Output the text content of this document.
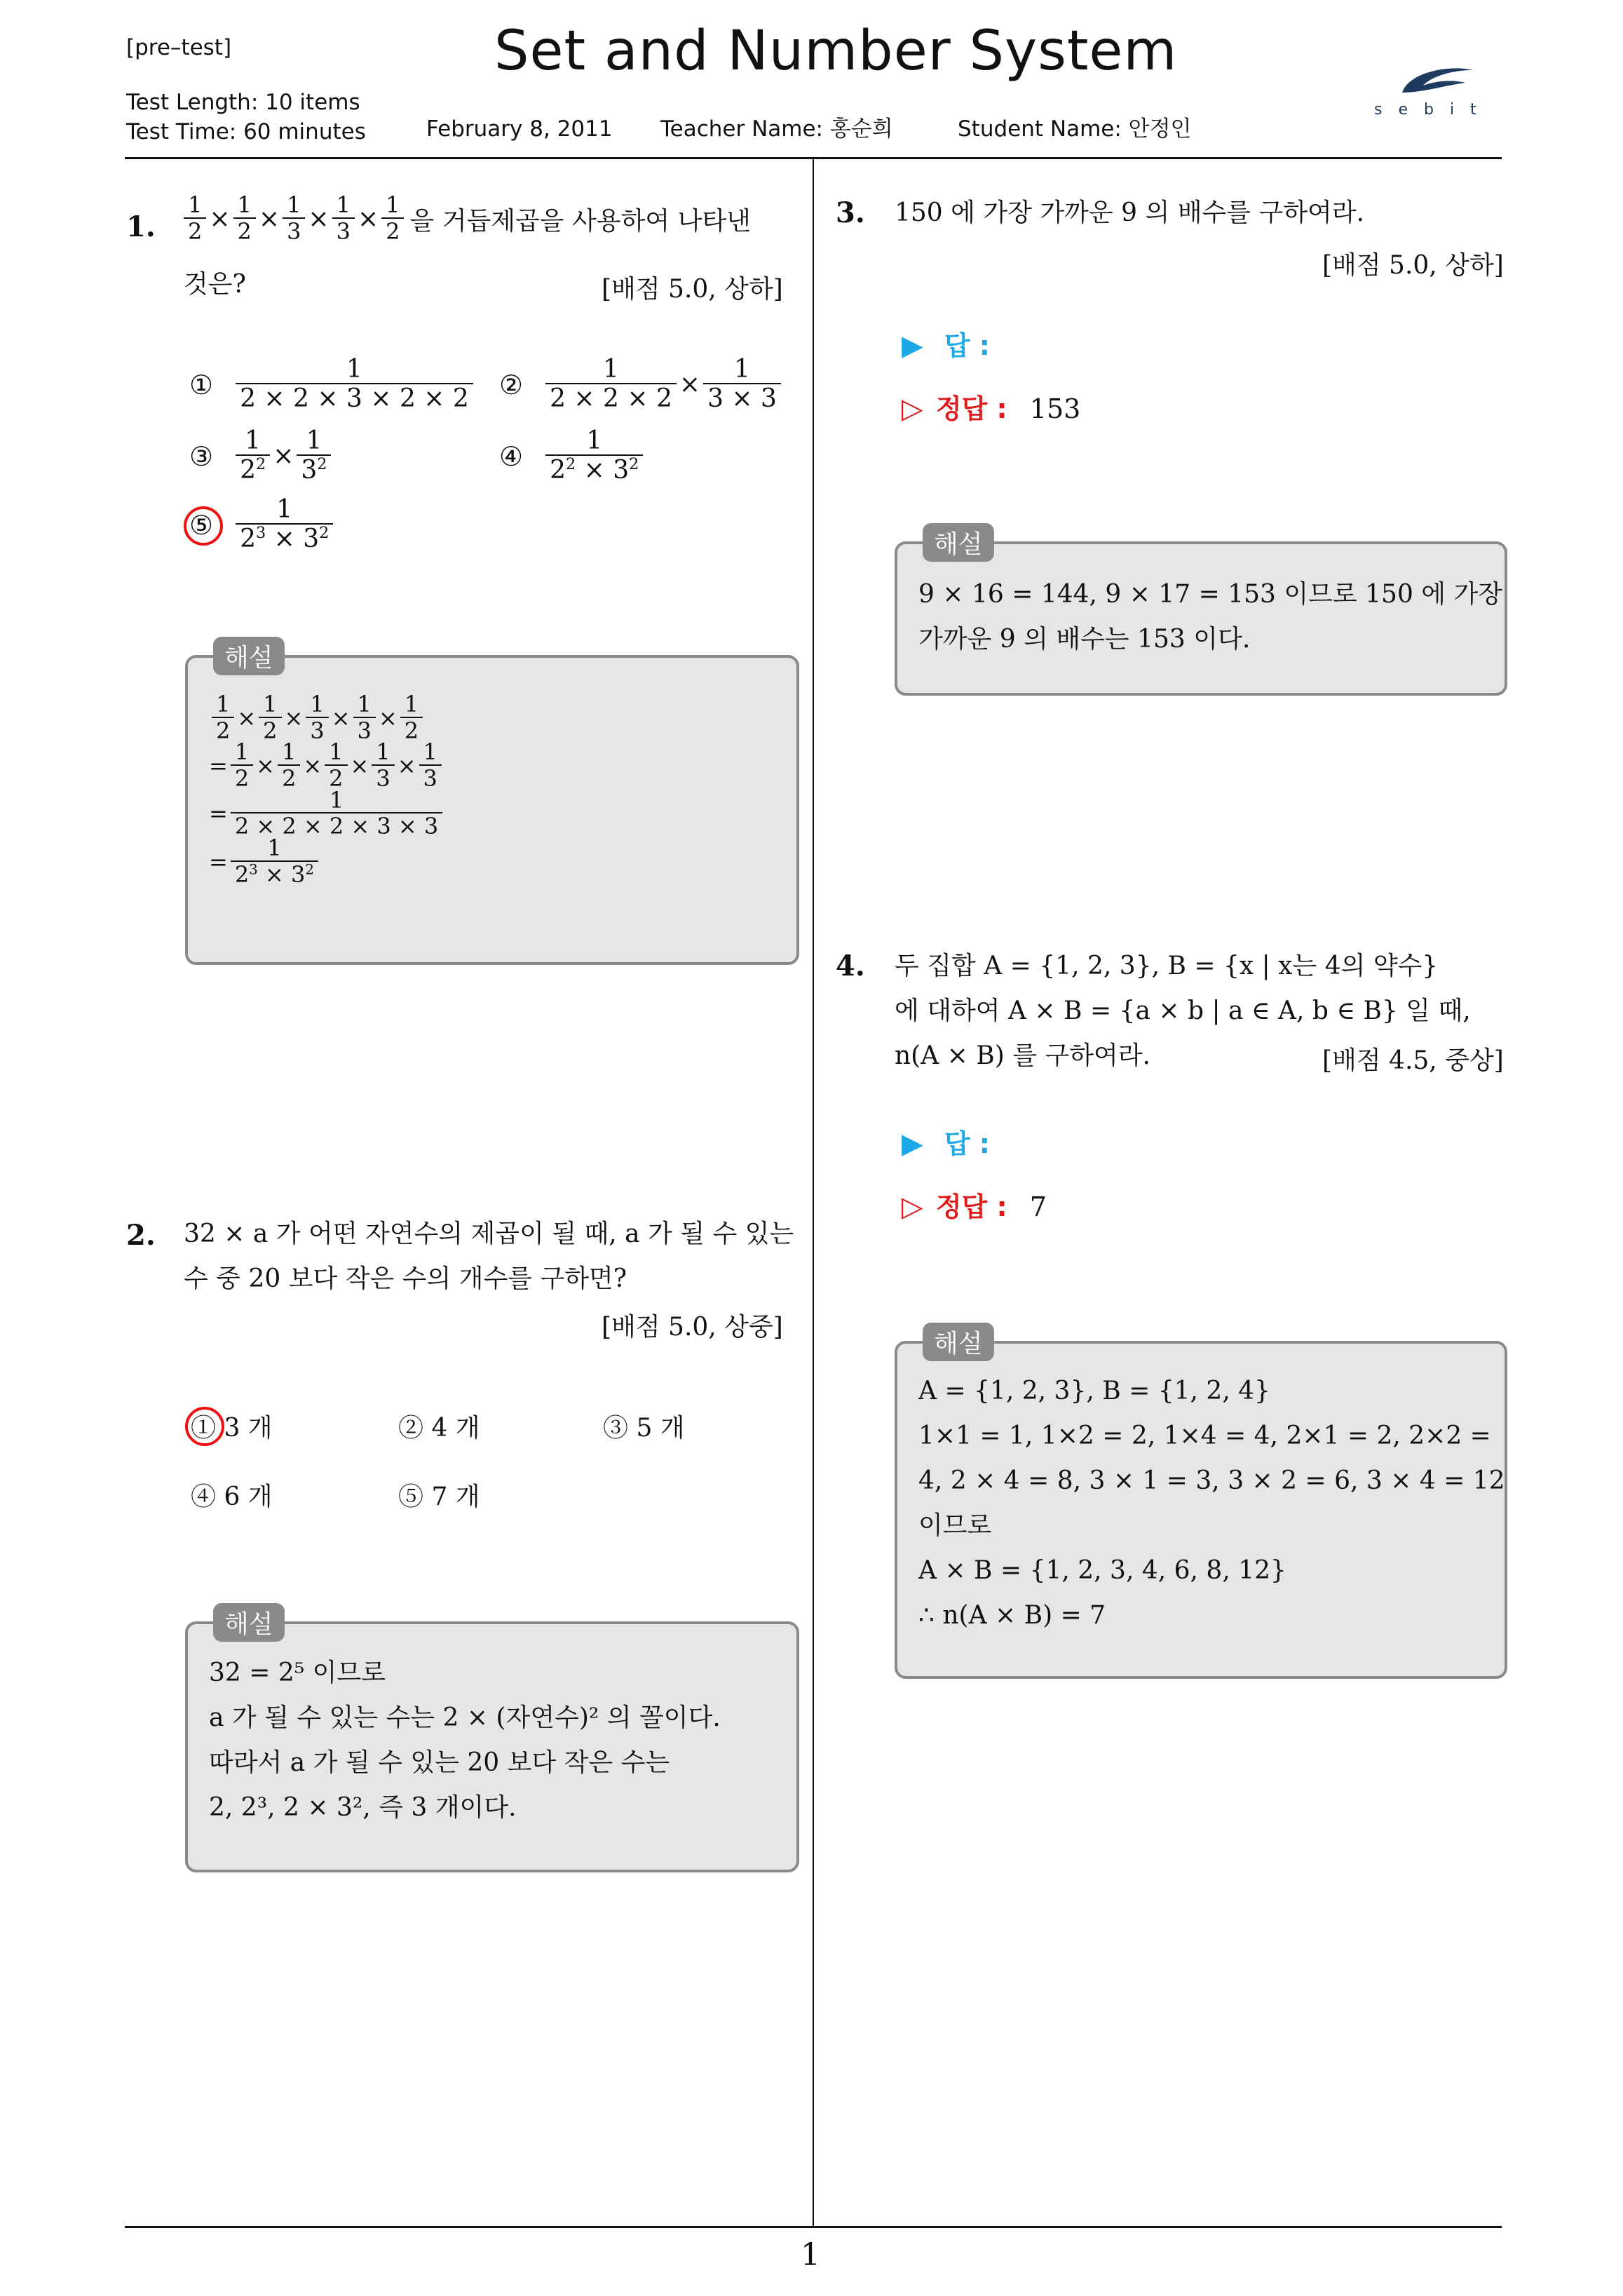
[pre–test]	Set and Number System
Test Length: 10 items
Test Time: 60 minutes	February 8, 2011 Teacher Name: 홍순희	Student Name: 안정인
s e b i t
1
1. $\frac{1}{2} \times \frac{1}{2} \times \frac{1}{3} \times \frac{1}{3} \times \frac{1}{2}$ 을 거듭제곱을 사용하여 나타낸
것은?	[배점 5.0, 상하]
① $\frac{1}{2 \times 2 \times 3 \times 2 \times 2}$ ② $\frac{1}{2 \times 2 \times 2} \times \frac{1}{3 \times 3}$
③ $\frac{1}{2^2} \times \frac{1}{3^2}$	④ $\frac{1}{2^2 \times 3^2}$
⑤ $\frac{1}{2^3 \times 3^2}$
해설
$\frac{1}{2} \times \frac{1}{2} \times \frac{1}{3} \times \frac{1}{3} \times \frac{1}{2}$
= $\frac{1}{2} \times \frac{1}{2} \times \frac{1}{2} \times \frac{1}{3} \times \frac{1}{3}$
= $\frac{1}{2 \times 2 \times 2 \times 3 \times 3}$
= $\frac{1}{2^3 \times 3^2}$
2. 32 × a 가 어떤 자연수의 제곱이 될 때, a 가 될 수 있는
수 중 20 보다 작은 수의 개수를 구하면?
[배점 5.0, 상중]
① 3 개	② 4 개	③ 5 개
④ 6 개	⑤ 7 개
해설
32 = 2⁵ 이므로
a 가 될 수 있는 수는 2 × (자연수)² 의 꼴이다.
따라서 a 가 될 수 있는 20 보다 작은 수는
2, 2³, 2 × 3², 즉 3 개이다.
3. 150 에 가장 가까운 9 의 배수를 구하여라.
[배점 5.0, 상하]
▶ 답 :
▷ 정답 : 153
해설
9 × 16 = 144, 9 × 17 = 153 이므로 150 에 가장
가까운 9 의 배수는 153 이다.
4. 두 집합 A = {1, 2, 3}, B = {x | x는 4의 약수}
에 대하여 A × B = {a × b | a ∈ A, b ∈ B} 일 때,
n(A × B) 를 구하여라.	[배점 4.5, 중상]
▶ 답 :
▷ 정답 : 7
해설
A = {1, 2, 3}, B = {1, 2, 4}
1×1 = 1, 1×2 = 2, 1×4 = 4, 2×1 = 2, 2×2 =
4, 2 × 4 = 8, 3 × 1 = 3, 3 × 2 = 6, 3 × 4 = 12
이므로
A × B = {1, 2, 3, 4, 6, 8, 12}
∴ n(A × B) = 7
